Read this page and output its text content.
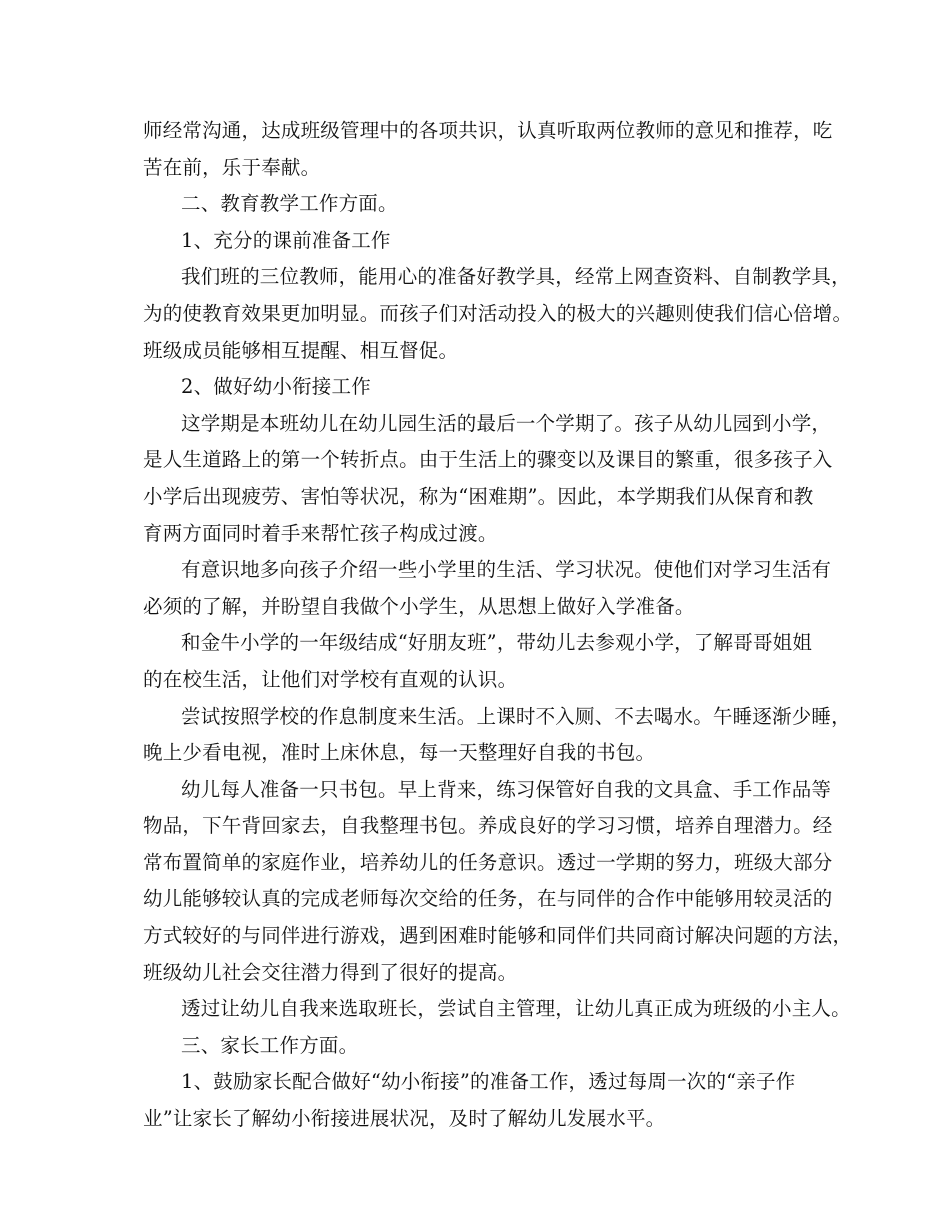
师经常沟通，达成班级管理中的各项共识，认真听取两位教师的意见和推荐，吃
苦在前，乐于奉献。
二、教育教学工作方面。
1、充分的课前准备工作
我们班的三位教师，能用心的准备好教学具，经常上网查资料、自制教学具，
为的使教育效果更加明显。而孩子们对活动投入的极大的兴趣则使我们信心倍增。
班级成员能够相互提醒、相互督促。
2、做好幼小衔接工作
这学期是本班幼儿在幼儿园生活的最后一个学期了。孩子从幼儿园到小学，
是人生道路上的第一个转折点。由于生活上的骤变以及课目的繁重，很多孩子入
小学后出现疲劳、害怕等状况，称为“困难期”。因此，本学期我们从保育和教
育两方面同时着手来帮忙孩子构成过渡。
有意识地多向孩子介绍一些小学里的生活、学习状况。使他们对学习生活有
必须的了解，并盼望自我做个小学生，从思想上做好入学准备。
和金牛小学的一年级结成“好朋友班”，带幼儿去参观小学，了解哥哥姐姐
的在校生活，让他们对学校有直观的认识。
尝试按照学校的作息制度来生活。上课时不入厕、不去喝水。午睡逐渐少睡，
晚上少看电视，准时上床休息，每一天整理好自我的书包。
幼儿每人准备一只书包。早上背来，练习保管好自我的文具盒、手工作品等
物品，下午背回家去，自我整理书包。养成良好的学习习惯，培养自理潜力。经
常布置简单的家庭作业，培养幼儿的任务意识。透过一学期的努力，班级大部分
幼儿能够较认真的完成老师每次交给的任务，在与同伴的合作中能够用较灵活的
方式较好的与同伴进行游戏，遇到困难时能够和同伴们共同商讨解决问题的方法，
班级幼儿社会交往潜力得到了很好的提高。
透过让幼儿自我来选取班长，尝试自主管理，让幼儿真正成为班级的小主人。
三、家长工作方面。
1、鼓励家长配合做好“幼小衔接”的准备工作，透过每周一次的“亲子作
业”让家长了解幼小衔接进展状况，及时了解幼儿发展水平。
